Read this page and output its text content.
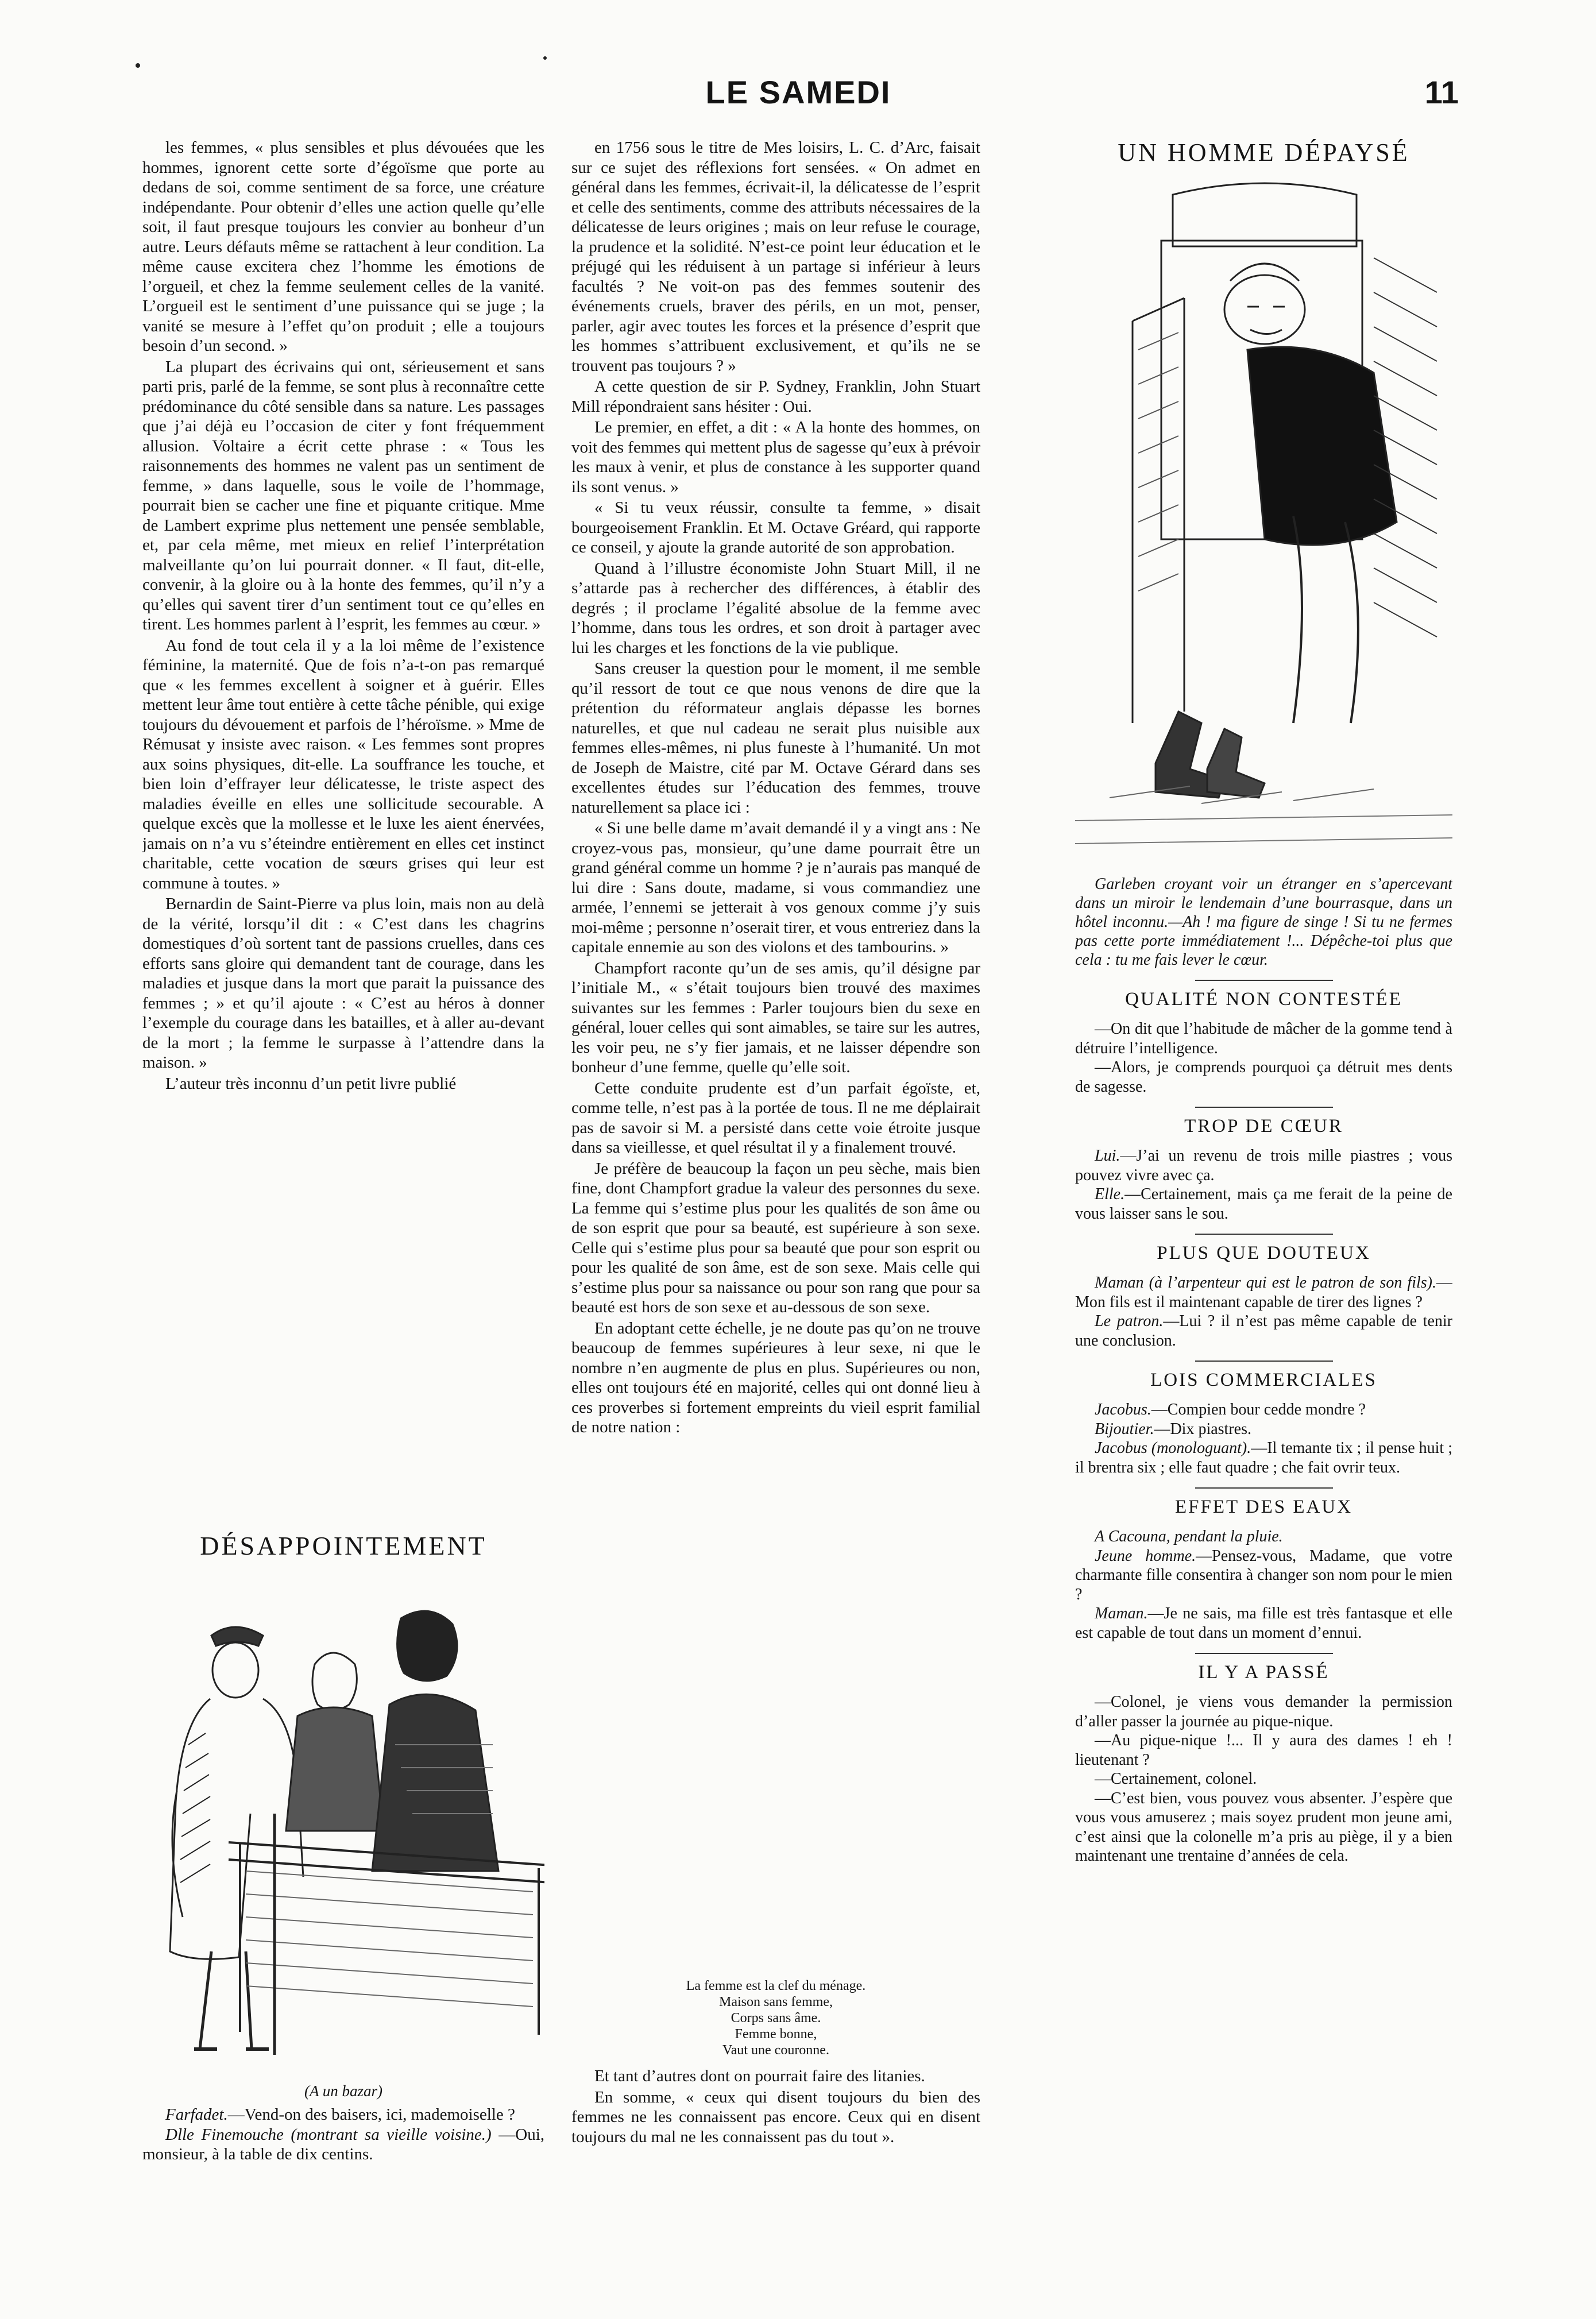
LE SAMEDI	11

les femmes, « plus sensibles et plus dévouées que les hommes, ignorent cette sorte d’égoïsme que porte au dedans de soi, comme sentiment de sa force, une créature indépendante. Pour obtenir d’elles une action quelle qu’elle soit, il faut presque toujours les convier au bonheur d’un autre. Leurs défauts même se rattachent à leur condition. La même cause excitera chez l’homme les émotions de l’orgueil, et chez la femme seulement celles de la vanité. L’orgueil est le sentiment d’une puissance qui se juge ; la vanité se mesure à l’effet qu’on produit ; elle a toujours besoin d’un second. »

La plupart des écrivains qui ont, sérieusement et sans parti pris, parlé de la femme, se sont plus à reconnaître cette prédominance du côté sensible dans sa nature. Les passages que j’ai déjà eu l’occasion de citer y font fréquemment allusion. Voltaire a écrit cette phrase : « Tous les raisonnements des hommes ne valent pas un sentiment de femme, » dans laquelle, sous le voile de l’hommage, pourrait bien se cacher une fine et piquante critique. Mme de Lambert exprime plus nettement une pensée semblable, et, par cela même, met mieux en relief l’interprétation malveillante qu’on lui pourrait donner. « Il faut, dit-elle, convenir, à la gloire ou à la honte des femmes, qu’il n’y a qu’elles qui savent tirer d’un sentiment tout ce qu’elles en tirent. Les hommes parlent à l’esprit, les femmes au cœur. »

Au fond de tout cela il y a la loi même de l’existence féminine, la maternité. Que de fois n’a-t-on pas remarqué que « les femmes excellent à soigner et à guérir. Elles mettent leur âme tout entière à cette tâche pénible, qui exige toujours du dévouement et parfois de l’héroïsme. » Mme de Rémusat y insiste avec raison. « Les femmes sont propres aux soins physiques, dit-elle. La souffrance les touche, et bien loin d’effrayer leur délicatesse, le triste aspect des maladies éveille en elles une sollicitude secourable. A quelque excès que la mollesse et le luxe les aient énervées, jamais on n’a vu s’éteindre entièrement en elles cet instinct charitable, cette vocation de sœurs grises qui leur est commune à toutes. »

Bernardin de Saint-Pierre va plus loin, mais non au delà de la vérité, lorsqu’il dit : « C’est dans les chagrins domestiques d’où sortent tant de passions cruelles, dans ces efforts sans gloire qui demandent tant de courage, dans les maladies et jusque dans la mort que parait la puissance des femmes ; » et qu’il ajoute : « C’est au héros à donner l’exemple du courage dans les batailles, et à aller au-devant de la mort ; la femme le surpasse à l’attendre dans la maison. »

L’auteur très inconnu d’un petit livre publié

DÉSAPPOINTEMENT
(A un bazar)

Farfadet.—Vend-on des baisers, ici, mademoiselle ?

Dlle Finemouche (montrant sa vieille voisine.) —Oui, monsieur, à la table de dix centins.

en 1756 sous le titre de Mes loisirs, L. C. d’Arc, faisait sur ce sujet des réflexions fort sensées. « On admet en général dans les femmes, écrivait-il, la délicatesse de l’esprit et celle des sentiments, comme des attributs nécessaires de la délicatesse de leurs origines ; mais on leur refuse le courage, la prudence et la solidité. N’est-ce point leur éducation et le préjugé qui les réduisent à un partage si inférieur à leurs facultés ? Ne voit-on pas des femmes soutenir des événements cruels, braver des périls, en un mot, penser, parler, agir avec toutes les forces et la présence d’esprit que les hommes s’attribuent exclusivement, et qu’ils ne se trouvent pas toujours ? »

A cette question de sir P. Sydney, Franklin, John Stuart Mill répondraient sans hésiter : Oui.

Le premier, en effet, a dit : « A la honte des hommes, on voit des femmes qui mettent plus de sagesse qu’eux à prévoir les maux à venir, et plus de constance à les supporter quand ils sont venus. »

« Si tu veux réussir, consulte ta femme, » disait bourgeoisement Franklin. Et M. Octave Gréard, qui rapporte ce conseil, y ajoute la grande autorité de son approbation.

Quand à l’illustre économiste John Stuart Mill, il ne s’attarde pas à rechercher des différences, à établir des degrés ; il proclame l’égalité absolue de la femme avec l’homme, dans tous les ordres, et son droit à partager avec lui les charges et les fonctions de la vie publique.

Sans creuser la question pour le moment, il me semble qu’il ressort de tout ce que nous venons de dire que la prétention du réformateur anglais dépasse les bornes naturelles, et que nul cadeau ne serait plus nuisible aux femmes elles-mêmes, ni plus funeste à l’humanité. Un mot de Joseph de Maistre, cité par M. Octave Gérard dans ses excellentes études sur l’éducation des femmes, trouve naturellement sa place ici :

« Si une belle dame m’avait demandé il y a vingt ans : Ne croyez-vous pas, monsieur, qu’une dame pourrait être un grand général comme un homme ? je n’aurais pas manqué de lui dire : Sans doute, madame, si vous commandiez une armée, l’ennemi se jetterait à vos genoux comme j’y suis moi-même ; personne n’oserait tirer, et vous entreriez dans la capitale ennemie au son des violons et des tambourins. »

Champfort raconte qu’un de ses amis, qu’il désigne par l’initiale M., « s’était toujours bien trouvé des maximes suivantes sur les femmes : Parler toujours bien du sexe en général, louer celles qui sont aimables, se taire sur les autres, les voir peu, ne s’y fier jamais, et ne laisser dépendre son bonheur d’une femme, quelle qu’elle soit.

Cette conduite prudente est d’un parfait égoïste, et, comme telle, n’est pas à la portée de tous. Il ne me déplairait pas de savoir si M. a persisté dans cette voie étroite jusque dans sa vieillesse, et quel résultat il y a finalement trouvé.

Je préfère de beaucoup la façon un peu sèche, mais bien fine, dont Champfort gradue la valeur des personnes du sexe. La femme qui s’estime plus pour les qualités de son âme ou de son esprit que pour sa beauté, est supérieure à son sexe. Celle qui s’estime plus pour sa beauté que pour son esprit ou pour les qualité de son âme, est de son sexe. Mais celle qui s’estime plus pour sa naissance ou pour son rang que pour sa beauté est hors de son sexe et au-dessous de son sexe.

En adoptant cette échelle, je ne doute pas qu’on ne trouve beaucoup de femmes supérieures à leur sexe, ni que le nombre n’en augmente de plus en plus. Supérieures ou non, elles ont toujours été en majorité, celles qui ont donné lieu à ces proverbes si fortement empreints du vieil esprit familial de notre nation :

La femme est la clef du ménage.
Maison sans femme,
Corps sans âme.
Femme bonne,
Vaut une couronne.

Et tant d’autres dont on pourrait faire des litanies.

En somme, « ceux qui disent toujours du bien des femmes ne les connaissent pas encore. Ceux qui en disent toujours du mal ne les connaissent pas du tout ».

UN HOMME DÉPAYSÉ

Garleben croyant voir un étranger en s’apercevant dans un miroir le lendemain d’une bourrasque, dans un hôtel inconnu.—Ah ! ma figure de singe ! Si tu ne fermes pas cette porte immédiatement !... Dépêche-toi plus que cela : tu me fais lever le cœur.

QUALITÉ NON CONTESTÉE

—On dit que l’habitude de mâcher de la gomme tend à détruire l’intelligence.

—Alors, je comprends pourquoi ça détruit mes dents de sagesse.

TROP DE CŒUR

Lui.—J’ai un revenu de trois mille piastres ; vous pouvez vivre avec ça.

Elle.—Certainement, mais ça me ferait de la peine de vous laisser sans le sou.

PLUS QUE DOUTEUX

Maman (à l’arpenteur qui est le patron de son fils).—Mon fils est il maintenant capable de tirer des lignes ?

Le patron.—Lui ? il n’est pas même capable de tenir une conclusion.

LOIS COMMERCIALES

Jacobus.—Compien bour cedde mondre ?

Bijoutier.—Dix piastres.

Jacobus (monologuant).—Il temante tix ; il pense huit ; il brentra six ; elle faut quadre ; che fait ovrir teux.

EFFET DES EAUX

A Cacouna, pendant la pluie.

Jeune homme.—Pensez-vous, Madame, que votre charmante fille consentira à changer son nom pour le mien ?

Maman.—Je ne sais, ma fille est très fantasque et elle est capable de tout dans un moment d’ennui.

IL Y A PASSÉ

—Colonel, je viens vous demander la permission d’aller passer la journée au pique-nique.

—Au pique-nique !... Il y aura des dames ! eh ! lieutenant ?

—Certainement, colonel.

—C’est bien, vous pouvez vous absenter. J’espère que vous vous amuserez ; mais soyez prudent mon jeune ami, c’est ainsi que la colonelle m’a pris au piège, il y a bien maintenant une trentaine d’années de cela.
